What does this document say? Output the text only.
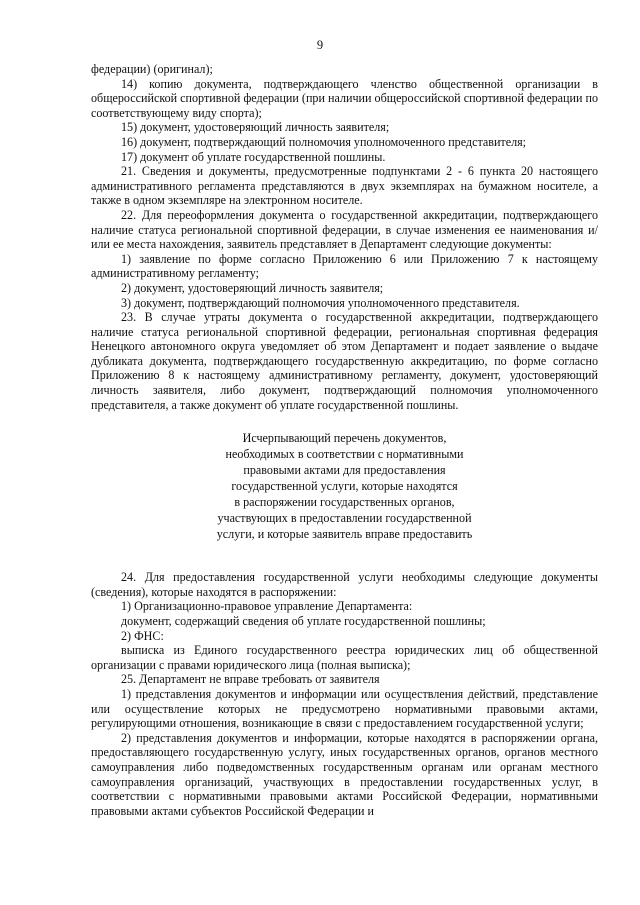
9

федерации) (оригинал);

14) копию документа, подтверждающего членство общественной организации в общероссийской спортивной федерации (при наличии общероссийской спортивной федерации по соответствующему виду спорта);

15) документ, удостоверяющий личность заявителя;

16) документ, подтверждающий полномочия уполномоченного представителя;

17) документ об уплате государственной пошлины.

21. Сведения и документы, предусмотренные подпунктами 2 - 6 пункта 20 настоящего административного регламента представляются в двух экземплярах на бумажном носителе, а также в одном экземпляре на электронном носителе.

22. Для переоформления документа о государственной аккредитации, подтверждающего наличие статуса региональной спортивной федерации, в случае изменения ее наименования и/или ее места нахождения, заявитель представляет в Департамент следующие документы:

1) заявление по форме согласно Приложению 6 или Приложению 7 к настоящему административному регламенту;

2) документ, удостоверяющий личность заявителя;

3) документ, подтверждающий полномочия уполномоченного представителя.

23. В случае утраты документа о государственной аккредитации, подтверждающего наличие статуса региональной спортивной федерации, региональная спортивная федерация Ненецкого автономного округа уведомляет об этом Департамент и подает заявление о выдаче дубликата документа, подтверждающего государственную аккредитацию, по форме согласно Приложению 8 к настоящему административному регламенту, документ, удостоверяющий личность заявителя, либо документ, подтверждающий полномочия уполномоченного представителя, а также документ об уплате государственной пошлины.

Исчерпывающий перечень документов,
необходимых в соответствии с нормативными
правовыми актами для предоставления
государственной услуги, которые находятся
в распоряжении государственных органов,
участвующих в предоставлении государственной
услуги, и которые заявитель вправе предоставить

24. Для предоставления государственной услуги необходимы следующие документы (сведения), которые находятся в распоряжении:

1) Организационно-правовое управление Департамента:

документ, содержащий сведения об уплате государственной пошлины;

2) ФНС:

выписка из Единого государственного реестра юридических лиц об общественной организации с правами юридического лица (полная выписка);

25. Департамент не вправе требовать от заявителя

1) представления документов и информации или осуществления действий, представление или осуществление которых не предусмотрено нормативными правовыми актами, регулирующими отношения, возникающие в связи с предоставлением государственной услуги;

2) представления документов и информации, которые находятся в распоряжении органа, предоставляющего государственную услугу, иных государственных органов, органов местного самоуправления либо подведомственных государственным органам или органам местного самоуправления организаций, участвующих в предоставлении государственных услуг, в соответствии с нормативными правовыми актами Российской Федерации, нормативными правовыми актами субъектов Российской Федерации и
